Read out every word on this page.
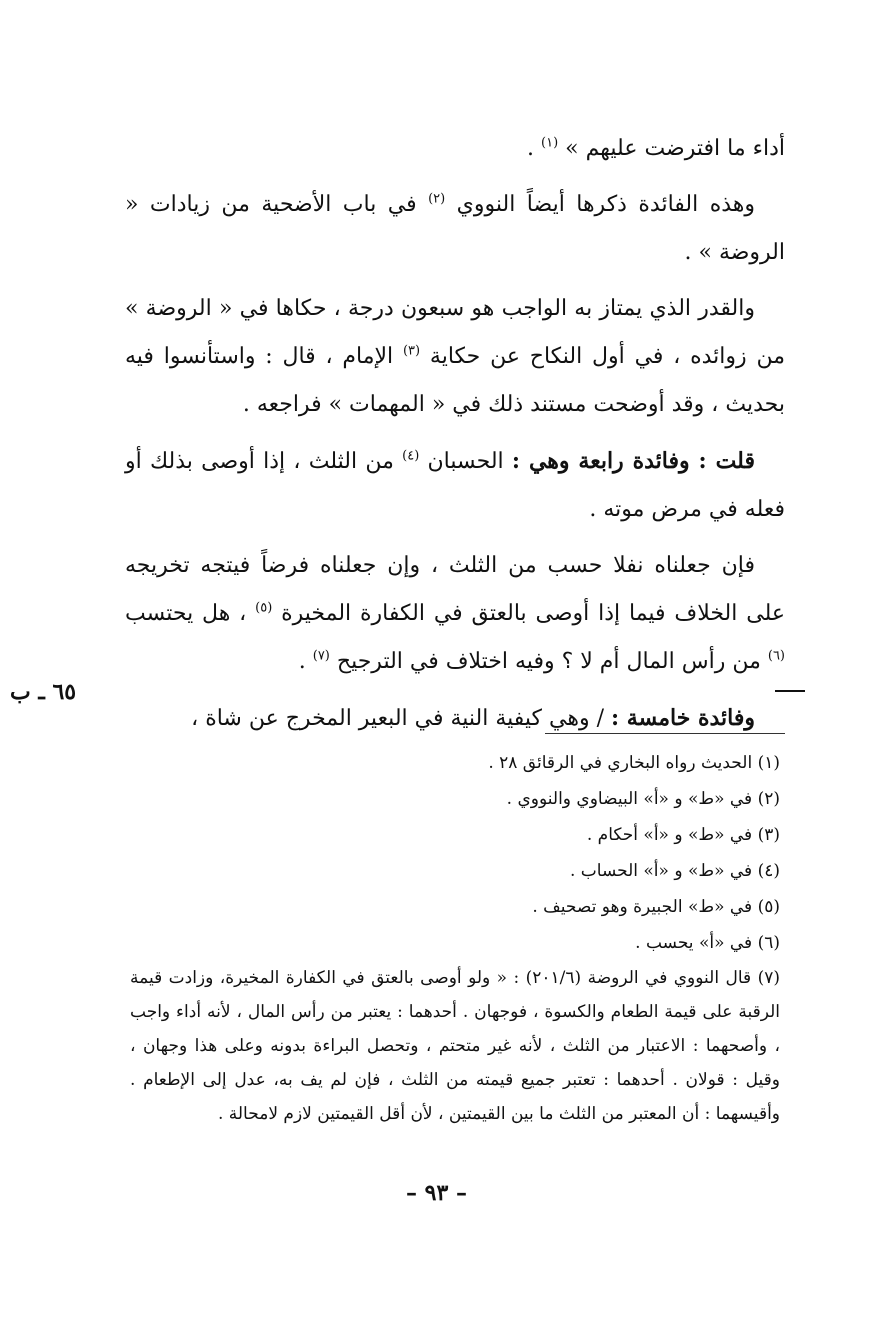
أداء ما افترضت عليهم » $^{(١)}$ .

وهذه الفائدة ذكرها أيضاً النووي $^{(٢)}$ في باب الأضحية من زيادات « الروضة » .

والقدر الذي يمتاز به الواجب هو سبعون درجة ، حكاها في « الروضة » من زوائده ، في أول النكاح عن حكاية $^{(٣)}$ الإمام ، قال : واستأنسوا فيه بحديث ، وقد أوضحت مستند ذلك في « المهمات » فراجعه .

قلت : وفائدة رابعة وهي : الحسبان $^{(٤)}$ من الثلث ، إذا أوصى بذلك أو فعله في مرض موته .

فإن جعلناه نفلا حسب من الثلث ، وإن جعلناه فرضاً فيتجه تخريجه على الخلاف فيما إذا أوصى بالعتق في الكفارة المخيرة $^{(٥)}$ ، هل يحتسب $^{(٦)}$ من رأس المال أم لا ؟ وفيه اختلاف في الترجيح $^{(٧)}$ .

وفائدة خامسة : / وهي كيفية النية في البعير المخرج عن شاة ،

٦٥ ـ ب

(١) الحديث رواه البخاري في الرقائق ٢٨ .

(٢) في «ط» و «أ» البيضاوي والنووي .

(٣) في «ط» و «أ» أحكام .

(٤) في «ط» و «أ» الحساب .

(٥) في «ط» الجبيرة وهو تصحيف .

(٦) في «أ» يحسب .

(٧) قال النووي في الروضة (٢٠١/٦) : « ولو أوصى بالعتق في الكفارة المخيرة، وزادت قيمة الرقبة على قيمة الطعام والكسوة ، فوجهان . أحدهما : يعتبر من رأس المال ، لأنه أداء واجب ، وأصحهما : الاعتبار من الثلث ، لأنه غير متحتم ، وتحصل البراءة بدونه وعلى هذا وجهان ، وقيل : قولان . أحدهما : تعتبر جميع قيمته من الثلث ، فإن لم يف به، عدل إلى الإطعام . وأقيسهما : أن المعتبر من الثلث ما بين القيمتين ، لأن أقل القيمتين لازم لامحالة .

– ٩٣ –
